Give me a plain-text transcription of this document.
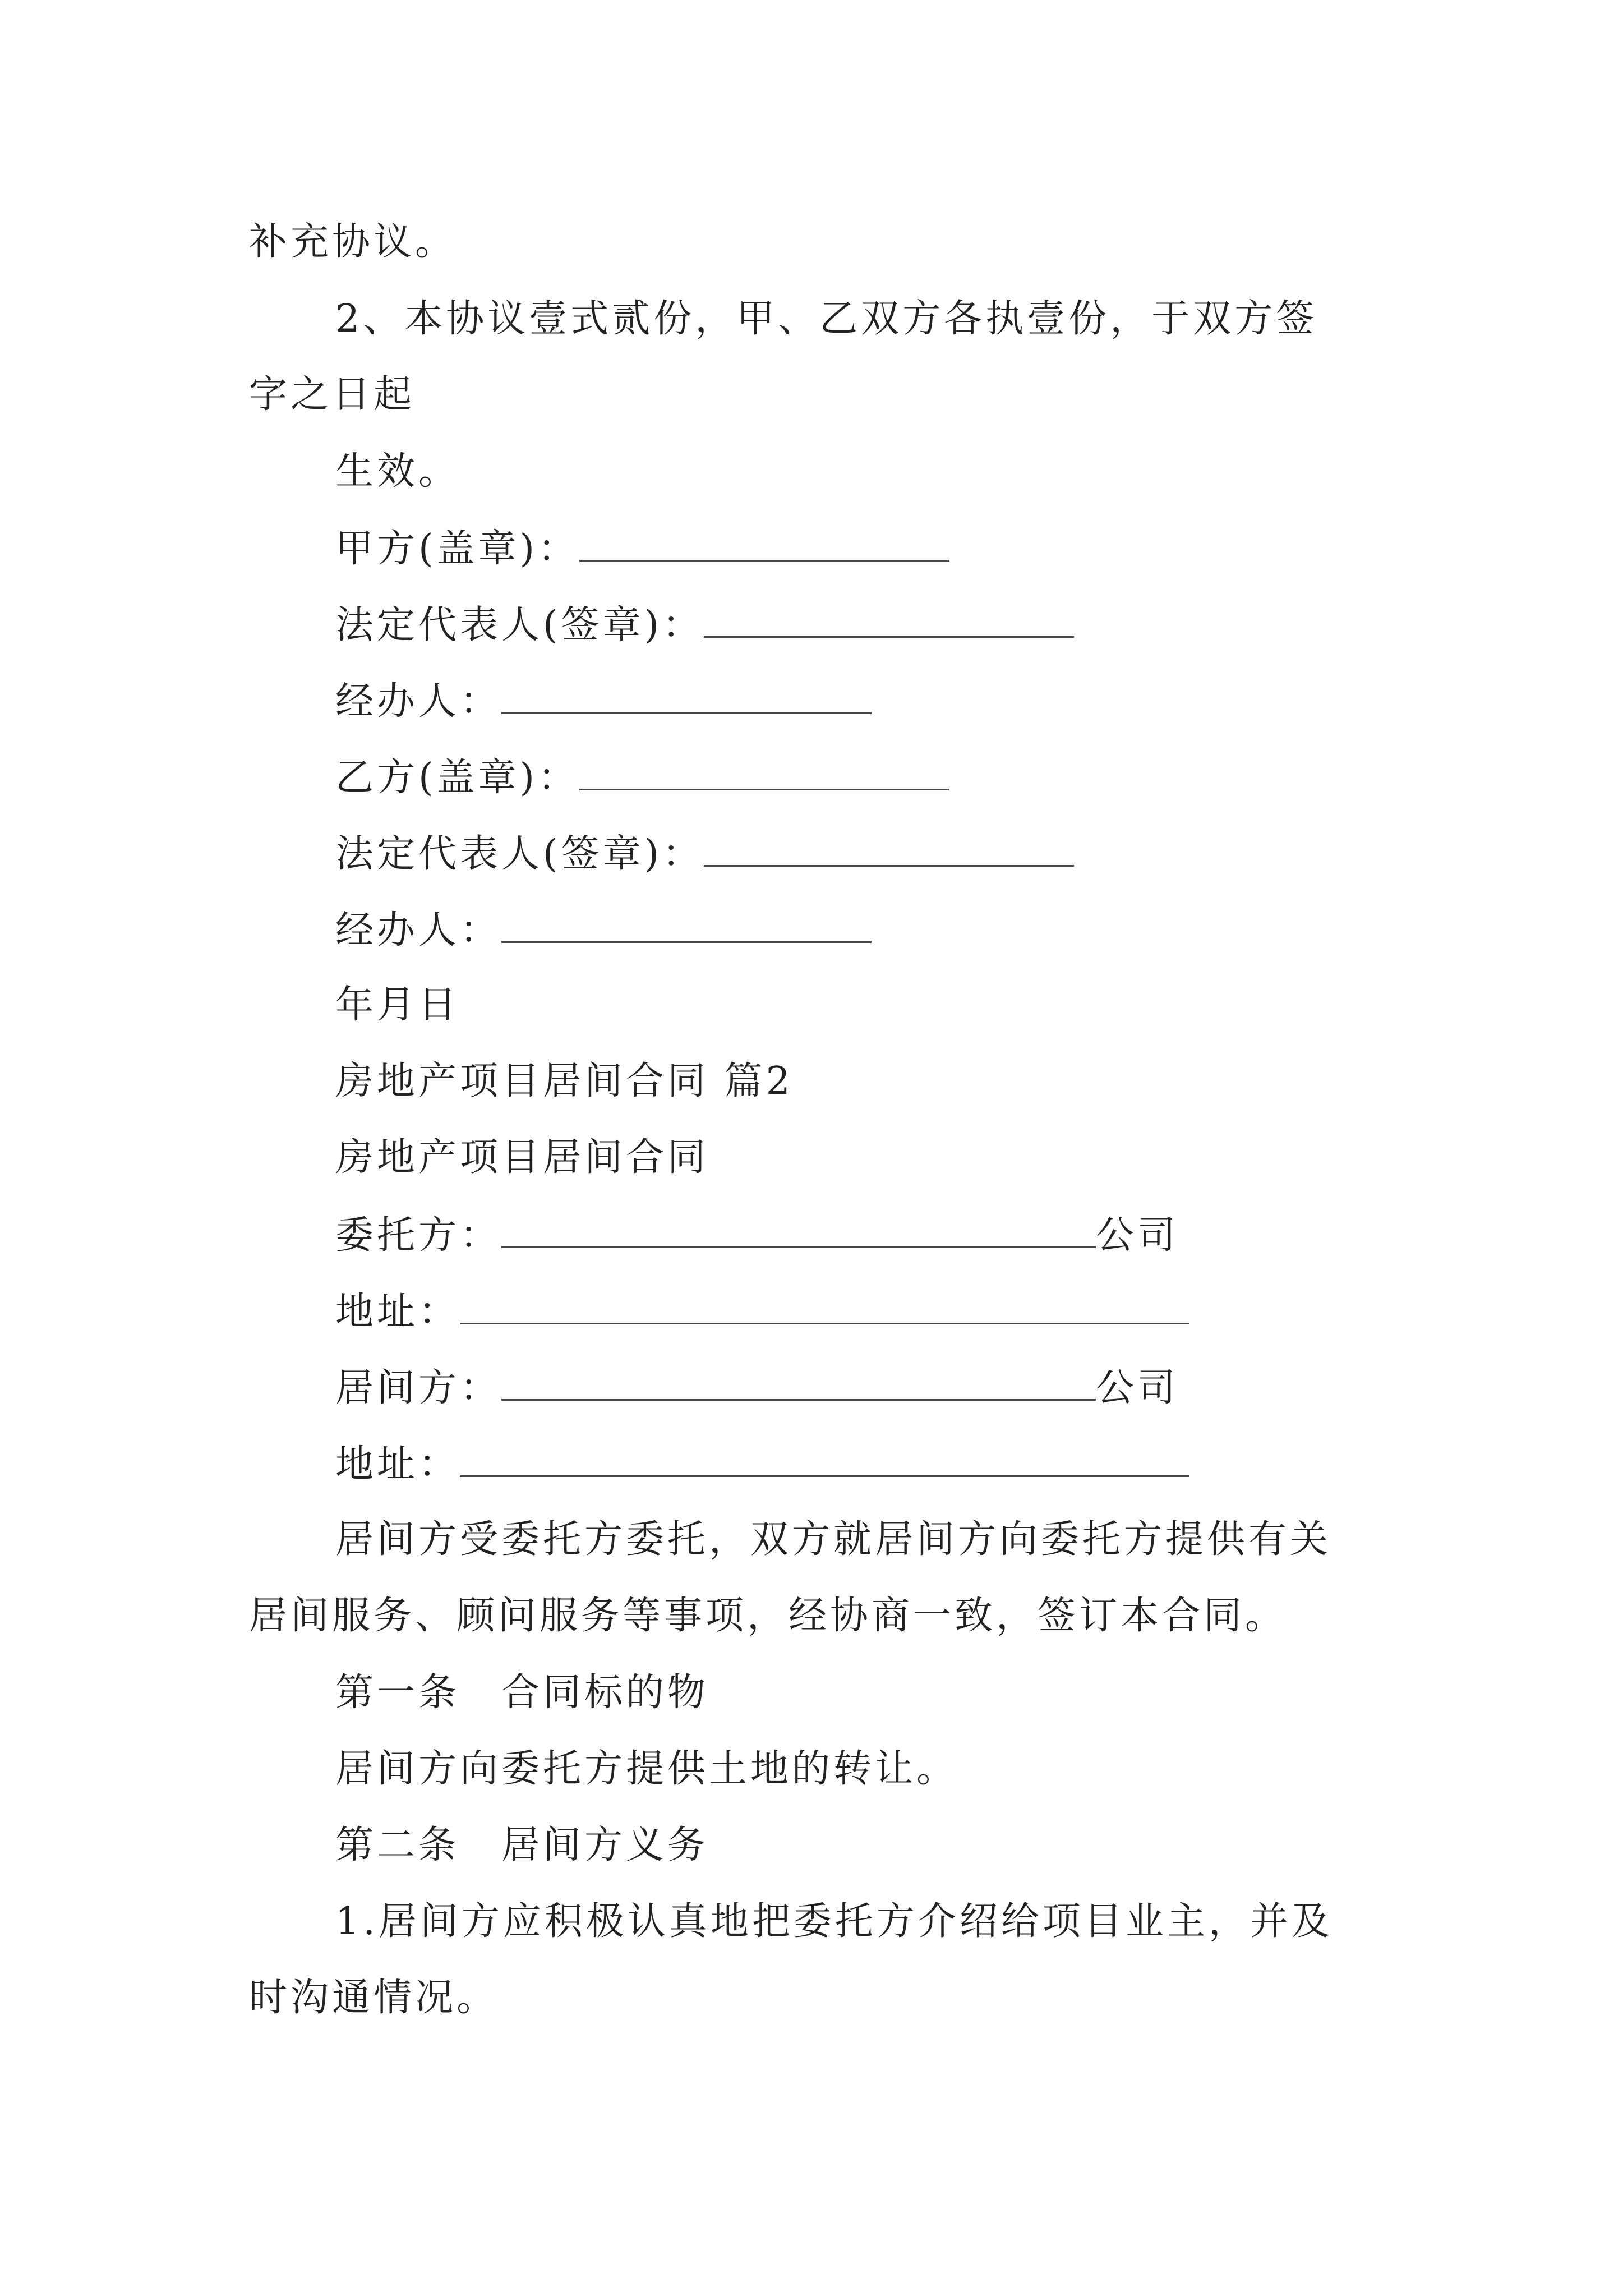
补充协议。
2、本协议壹式贰份，甲、乙双方各执壹份，于双方签
字之日起
生效。
甲方(盖章)：
法定代表人(签章)：
经办人：
乙方(盖章)：
法定代表人(签章)：
经办人：
年月日
房地产项目居间合同 篇2
房地产项目居间合同
委托方：	公司
地址：
居间方：	公司
地址：
居间方受委托方委托，双方就居间方向委托方提供有关
居间服务、顾问服务等事项，经协商一致，签订本合同。
第一条　合同标的物
居间方向委托方提供土地的转让。
第二条　居间方义务
1.居间方应积极认真地把委托方介绍给项目业主，并及
时沟通情况。
